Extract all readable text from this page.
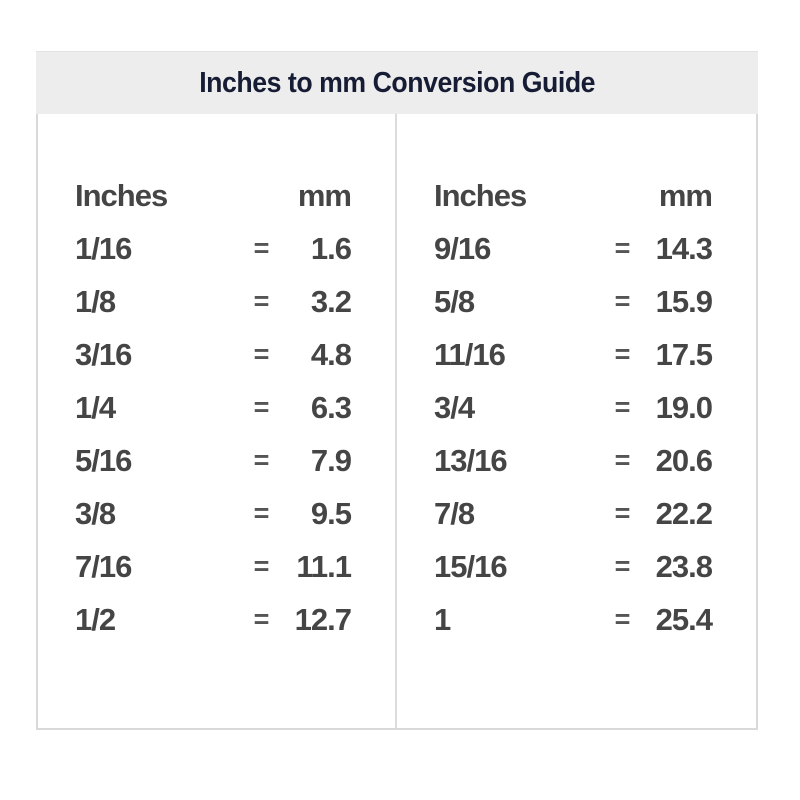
Inches to mm Conversion Guide
Inches	mm
1/16	=	1.6
1/8	=	3.2
3/16	=	4.8
1/4	=	6.3
5/16	=	7.9
3/8	=	9.5
7/16	= 11.1
1/2	= 12.7
Inches	mm
9/16	= 14.3
5/8	= 15.9
11/16	= 17.5
3/4	= 19.0
13/16	= 20.6
7/8	= 22.2
15/16	= 23.8
1	= 25.4
